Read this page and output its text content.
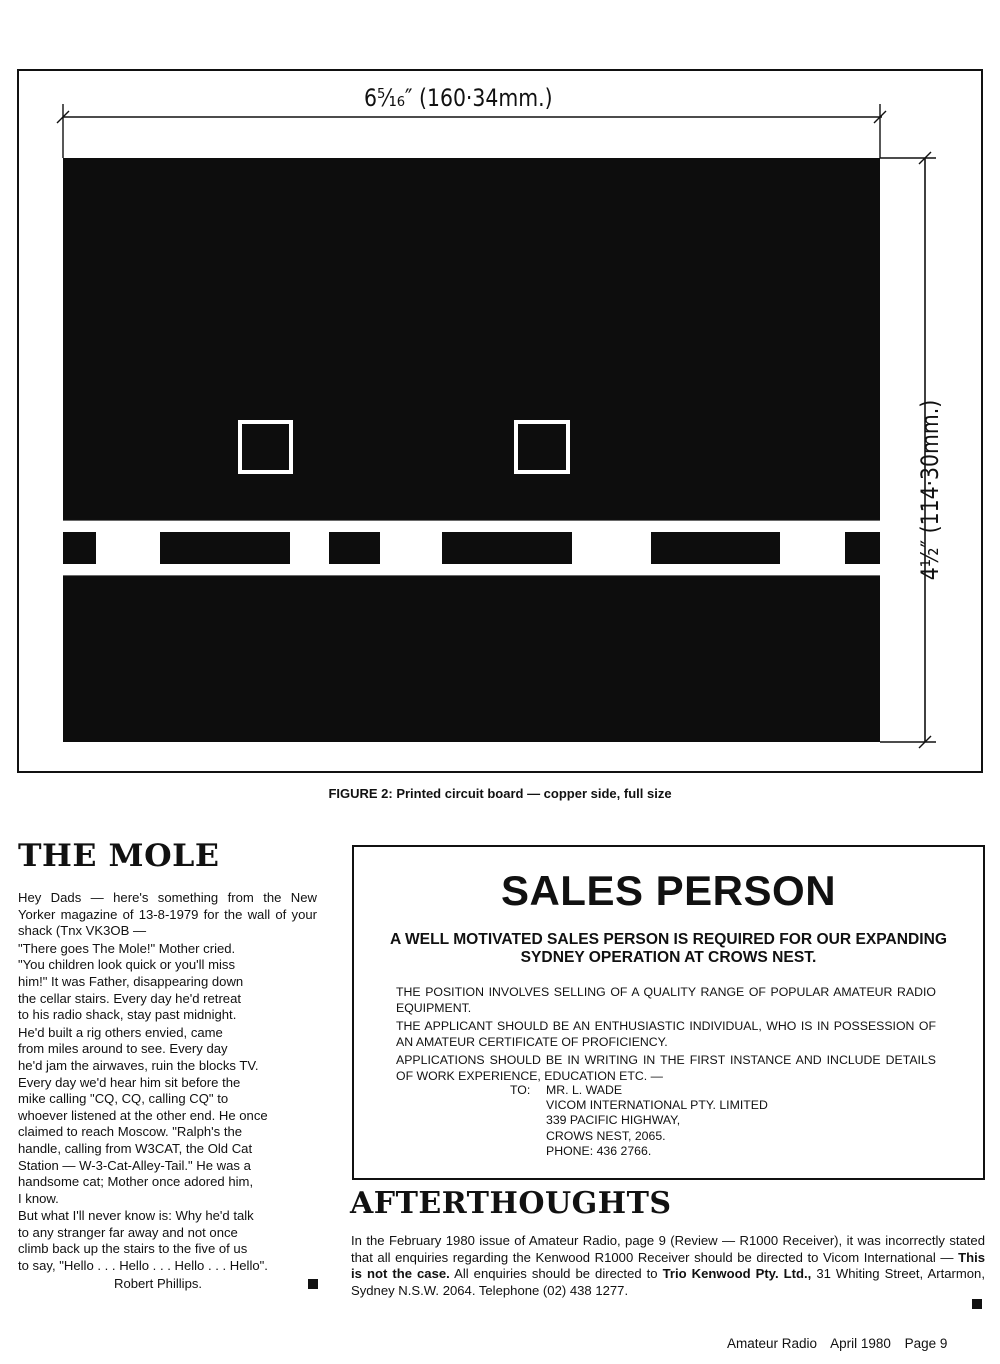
6⁵⁄₁₆″ (160·34mm.)
4½″ (114·30mm.)
FIGURE 2: Printed circuit board — copper side, full size
THE MOLE

Hey Dads — here's something from the New Yorker magazine of 13-8-1979 for the wall of your shack (Tnx VK3OB —

"There goes The Mole!" Mother cried.
"You children look quick or you'll miss
him!" It was Father, disappearing down
the cellar stairs. Every day he'd retreat
to his radio shack, stay past midnight.

He'd built a rig others envied, came
from miles around to see. Every day
he'd jam the airwaves, ruin the blocks TV.
Every day we'd hear him sit before the
mike calling "CQ, CQ, calling CQ" to
whoever listened at the other end. He once
claimed to reach Moscow. "Ralph's the
handle, calling from W3CAT, the Old Cat
Station — W-3-Cat-Alley-Tail." He was a
handsome cat; Mother once adored him,
I know.

But what I'll never know is: Why he'd talk
to any stranger far away and not once
climb back up the stairs to the five of us
to say, "Hello . . . Hello . . . Hello . . . Hello".

Robert Phillips.
SALES PERSON
A WELL MOTIVATED SALES PERSON IS REQUIRED FOR OUR EXPANDING SYDNEY OPERATION AT CROWS NEST.

THE POSITION INVOLVES SELLING OF A QUALITY RANGE OF POPULAR AMATEUR RADIO EQUIPMENT.

THE APPLICANT SHOULD BE AN ENTHUSIASTIC INDIVIDUAL, WHO IS IN POSSESSION OF AN AMATEUR CERTIFICATE OF PROFICIENCY.

APPLICATIONS SHOULD BE IN WRITING IN THE FIRST INSTANCE AND INCLUDE DETAILS OF WORK EXPERIENCE, EDUCATION ETC. —

TO: MR. L. WADE
VICOM INTERNATIONAL PTY. LIMITED
339 PACIFIC HIGHWAY,
CROWS NEST, 2065.
PHONE: 436 2766.
AFTERTHOUGHTS
In the February 1980 issue of Amateur Radio, page 9 (Review — R1000 Receiver), it was incorrectly stated that all enquiries regarding the Kenwood R1000 Receiver should be directed to Vicom International — This is not the case. All enquiries should be directed to Trio Kenwood Pty. Ltd., 31 Whiting Street, Artarmon, Sydney N.S.W. 2064. Telephone (02) 438 1277.
Amateur Radio April 1980 Page 9
